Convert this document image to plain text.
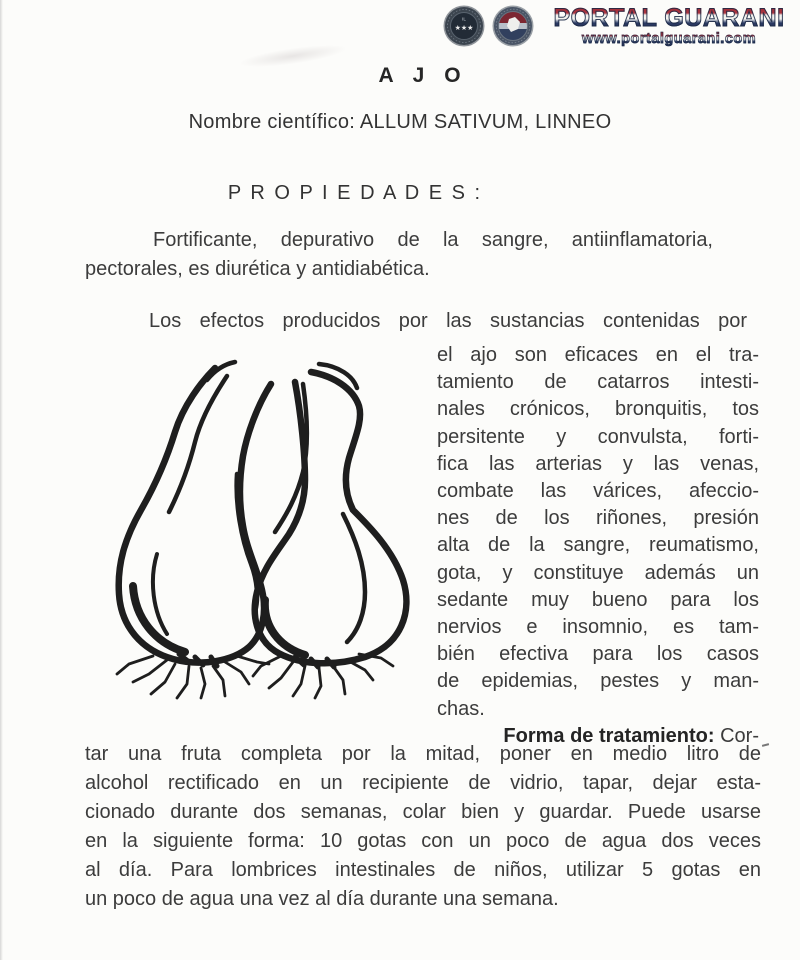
IL
★★★	PORTAL GUARANI
www.portalguarani.com
A J O
Nombre científico: ALLUM SATIVUM, LINNEO
P R O P I E D A D E S :
Fortificante, depurativo de la sangre, antiinflamatoria,
pectorales, es diurética y antidiabética.
Los efectos producidos por las sustancias contenidas por
el ajo son eficaces en el tra-
tamiento de catarros intesti-
nales crónicos, bronquitis, tos
persitente y convulsta, forti-
fica las arterias y las venas,
combate las várices, afeccio-
nes de los riñones, presión
alta de la sangre, reumatismo,
gota, y constituye además un
sedante muy bueno para los
nervios e insomnio, es tam-
bién efectiva para los casos
de epidemias, pestes y man-
chas.
Forma de tratamiento: Cor-
tar una fruta completa por la mitad, poner en medio litro de
alcohol rectificado en un recipiente de vidrio, tapar, dejar esta-
cionado durante dos semanas, colar bien y guardar. Puede usarse
en la siguiente forma: 10 gotas con un poco de agua dos veces
al día. Para lombrices intestinales de niños, utilizar 5 gotas en
un poco de agua una vez al día durante una semana.
